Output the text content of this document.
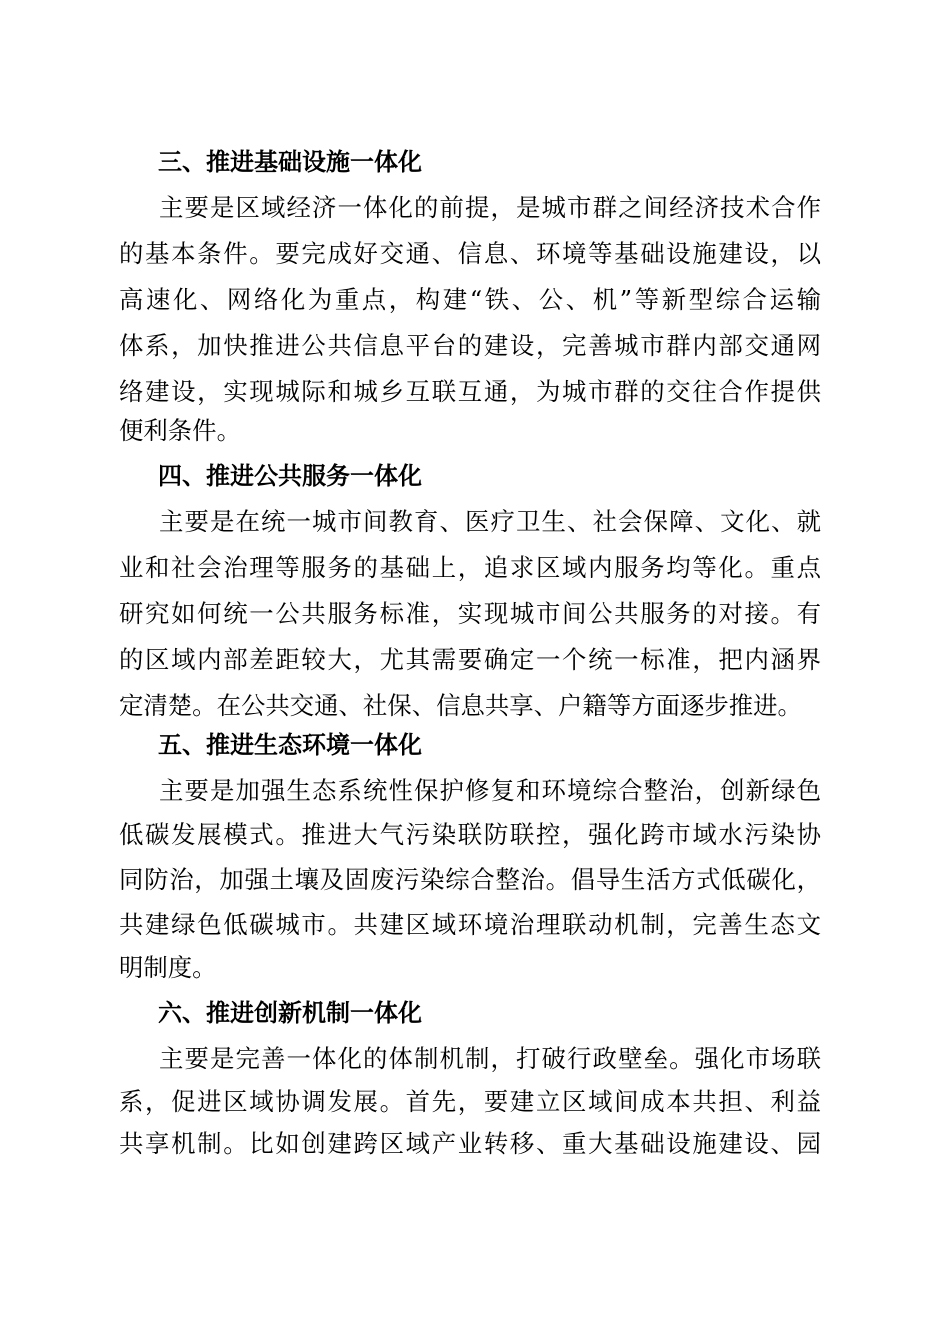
三、推进基础设施一体化
主要是区域经济一体化的前提，是城市群之间经济技术合作
的基本条件。要完成好交通、信息、环境等基础设施建设，以
高速化、网络化为重点，构建“铁、公、机”等新型综合运输
体系，加快推进公共信息平台的建设，完善城市群内部交通网
络建设，实现城际和城乡互联互通，为城市群的交往合作提供
便利条件。
四、推进公共服务一体化
主要是在统一城市间教育、医疗卫生、社会保障、文化、就
业和社会治理等服务的基础上，追求区域内服务均等化。重点
研究如何统一公共服务标准，实现城市间公共服务的对接。有
的区域内部差距较大，尤其需要确定一个统一标准，把内涵界
定清楚。在公共交通、社保、信息共享、户籍等方面逐步推进。
五、推进生态环境一体化
主要是加强生态系统性保护修复和环境综合整治，创新绿色
低碳发展模式。推进大气污染联防联控，强化跨市域水污染协
同防治，加强土壤及固废污染综合整治。倡导生活方式低碳化，
共建绿色低碳城市。共建区域环境治理联动机制，完善生态文
明制度。
六、推进创新机制一体化
主要是完善一体化的体制机制，打破行政壁垒。强化市场联
系，促进区域协调发展。首先，要建立区域间成本共担、利益
共享机制。比如创建跨区域产业转移、重大基础设施建设、园
